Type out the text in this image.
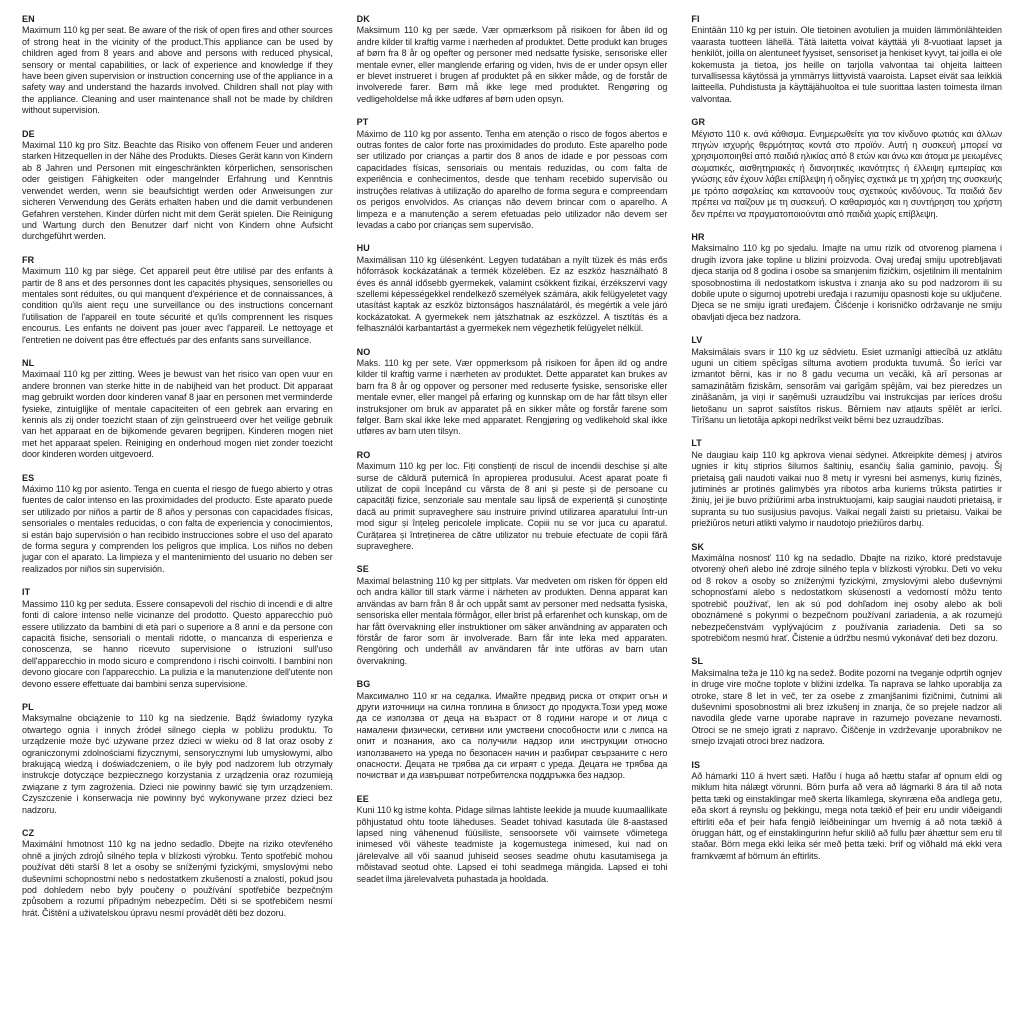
EN

Maximum 110 kg per seat. Be aware of the risk of open fires and other sources of strong heat in the vicinity of the product.This appliance can be used by children aged from 8 years and above and persons with reduced physical, sensory or mental capabilities, or lack of experience and knowledge if they have been given supervision or instruction concerning use of the appliance in a safety way and understand the hazards involved. Children shall not play with the appliance. Cleaning and user maintenance shall not be made by children without supervision.

DE

Maximal 110 kg pro Sitz. Beachte das Risiko von offenem Feuer und anderen starken Hitzequellen in der Nähe des Produkts. Dieses Gerät kann von Kindern ab 8 Jahren und Personen mit eingeschränkten körperlichen, sensorischen oder geistigen Fähigkeiten oder mangelnder Erfahrung und Kenntnis verwendet werden, wenn sie beaufsichtigt werden oder Anweisungen zur sicheren Verwendung des Geräts erhalten haben und die damit verbundenen Gefahren verstehen. Kinder dürfen nicht mit dem Gerät spielen. Die Reinigung und Wartung durch den Benutzer darf nicht von Kindern ohne Aufsicht durchgeführt werden.

FR

Maximum 110 kg par siège. Cet appareil peut être utilisé par des enfants à partir de 8 ans et des personnes dont les capacités physiques, sensorielles ou mentales sont réduites, ou qui manquent d'expérience et de connaissances, à condition qu'ils aient reçu une surveillance ou des instructions concernant l'utilisation de l'appareil en toute sécurité et qu'ils comprennent les risques encourus. Les enfants ne doivent pas jouer avec l'appareil. Le nettoyage et l'entretien ne doivent pas être effectués par des enfants sans surveillance.

NL

Maximaal 110 kg per zitting. Wees je bewust van het risico van open vuur en andere bronnen van sterke hitte in de nabijheid van het product. Dit apparaat mag gebruikt worden door kinderen vanaf 8 jaar en personen met verminderde fysieke, zintuiglijke of mentale capaciteiten of een gebrek aan ervaring en kennis als zij onder toezicht staan of zijn geïnstrueerd over het veilige gebruik van het apparaat en de bijkomende gevaren begrijpen. Kinderen mogen niet met het apparaat spelen. Reiniging en onderhoud mogen niet zonder toezicht door kinderen worden uitgevoerd.

ES

Máximo 110 kg por asiento. Tenga en cuenta el riesgo de fuego abierto y otras fuentes de calor intenso en las proximidades del producto. Este aparato puede ser utilizado por niños a partir de 8 años y personas con capacidades físicas, sensoriales o mentales reducidas, o con falta de experiencia y conocimientos, si están bajo supervisión o han recibido instrucciones sobre el uso del aparato de forma segura y comprenden los peligros que implica. Los niños no deben jugar con el aparato. La limpieza y el mantenimiento del usuario no deben ser realizados por niños sin supervisión.

IT

Massimo 110 kg per seduta. Essere consapevoli del rischio di incendi e di altre fonti di calore intenso nelle vicinanze del prodotto. Questo apparecchio può essere utilizzato da bambini di età pari o superiore a 8 anni e da persone con capacità fisiche, sensoriali o mentali ridotte, o mancanza di esperienza e conoscenza, se hanno ricevuto supervisione o istruzioni sull'uso dell'apparecchio in modo sicuro e comprendono i rischi coinvolti. I bambini non devono giocare con l'apparecchio. La pulizia e la manutenzione dell'utente non devono essere effettuate dai bambini senza supervisione.

PL

Maksymalne obciążenie to 110 kg na siedzenie. Bądź świadomy ryzyka otwartego ognia i innych źródeł silnego ciepła w pobliżu produktu. To urządzenie może być używane przez dzieci w wieku od 8 lat oraz osoby z ograniczonymi zdolnościami fizycznymi, sensorycznymi lub umysłowymi, albo brakującą wiedzą i doświadczeniem, o ile były pod nadzorem lub otrzymały instrukcje dotyczące bezpiecznego korzystania z urządzenia oraz rozumieją związane z tym zagrożenia. Dzieci nie powinny bawić się tym urządzeniem. Czyszczenie i konserwacja nie powinny być wykonywane przez dzieci bez nadzoru.

CZ

Maximální hmotnost 110 kg na jedno sedadlo. Dbejte na riziko otevřeného ohně a jiných zdrojů silného tepla v blízkosti výrobku. Tento spotřebič mohou používat děti starší 8 let a osoby se sníženými fyzickými, smyslovými nebo duševními schopnostmi nebo s nedostatkem zkušeností a znalostí, pokud jsou pod dohledem nebo byly poučeny o používání spotřebiče bezpečným způsobem a rozumí případným nebezpečím. Děti si se spotřebičem nesmí hrát. Čištění a uživatelskou úpravu nesmí provádět děti bez dozoru.

DK

Maksimum 110 kg per sæde. Vær opmærksom på risikoen for åben ild og andre kilder til kraftig varme i nærheden af produktet. Dette produkt kan bruges af børn fra 8 år og opefter og personer med nedsatte fysiske, sensoriske eller mentale evner, eller manglende erfaring og viden, hvis de er under opsyn eller er blevet instrueret i brugen af produktet på en sikker måde, og de forstår de involverede farer. Børn må ikke lege med produktet. Rengøring og vedligeholdelse må ikke udføres af børn uden opsyn.

PT

Máximo de 110 kg por assento. Tenha em atenção o risco de fogos abertos e outras fontes de calor forte nas proximidades do produto. Este aparelho pode ser utilizado por crianças a partir dos 8 anos de idade e por pessoas com capacidades físicas, sensoriais ou mentais reduzidas, ou com falta de experiência e conhecimentos, desde que tenham recebido supervisão ou instruções relativas à utilização do aparelho de forma segura e compreendam os perigos envolvidos. As crianças não devem brincar com o aparelho. A limpeza e a manutenção a serem efetuadas pelo utilizador não devem ser levadas a cabo por crianças sem supervisão.

HU

Maximálisan 110 kg ülésenként. Legyen tudatában a nyílt tüzek és más erős hőforrások kockázatának a termék közelében. Ez az eszköz használható 8 éves és annál idősebb gyermekek, valamint csökkent fizikai, érzékszervi vagy szellemi képességekkel rendelkező személyek számára, akik felügyeletet vagy utasítást kaptak az eszköz biztonságos használatáról, és megértik a vele járó kockázatokat. A gyermekek nem játszhatnak az eszközzel. A tisztítás és a felhasználói karbantartást a gyermekek nem végezhetik felügyelet nélkül.

NO

Maks. 110 kg per sete. Vær oppmerksom på risikoen for åpen ild og andre kilder til kraftig varme i nærheten av produktet. Dette apparatet kan brukes av barn fra 8 år og oppover og personer med reduserte fysiske, sensoriske eller mentale evner, eller mangel på erfaring og kunnskap om de har fått tilsyn eller instruksjoner om bruk av apparatet på en sikker måte og forstår farene som følger. Barn skal ikke leke med apparatet. Rengjøring og vedlikehold skal ikke utføres av barn uten tilsyn.

RO

Maximum 110 kg per loc. Fiți conștienți de riscul de incendii deschise și alte surse de căldură puternică în apropierea produsului. Acest aparat poate fi utilizat de copii începând cu vârsta de 8 ani și peste și de persoane cu capacități fizice, senzoriale sau mentale sau lipsă de experiență și cunoștințe dacă au primit supraveghere sau instruire privind utilizarea aparatului într-un mod sigur și înțeleg pericolele implicate. Copiii nu se vor juca cu aparatul. Curățarea și întreținerea de către utilizator nu trebuie efectuate de copii fără supraveghere.

SE

Maximal belastning 110 kg per sittplats. Var medveten om risken för öppen eld och andra källor till stark värme i närheten av produkten. Denna apparat kan användas av barn från 8 år och uppåt samt av personer med nedsatta fysiska, sensoriska eller mentala förmågor, eller brist på erfarenhet och kunskap, om de har fått övervakning eller instruktioner om säker användning av apparaten och förstår de faror som är involverade. Barn får inte leka med apparaten. Rengöring och underhåll av användaren får inte utföras av barn utan övervakning.

BG

Максимално 110 кг на седалка. Имайте предвид риска от открит огън и други източници на силна топлина в близост до продукта.Този уред може да се използва от деца на възраст от 8 години нагоре и от лица с намалени физически, сетивни или умствени способности или с липса на опит и познания, ако са получили надзор или инструкции относно използването на уреда по безопасен начин и разбират свързаните с него опасности. Децата не трябва да си играят с уреда. Децата не трябва да почистват и да извършват потребителска поддръжка без надзор.

EE

Kuni 110 kg istme kohta. Pidage silmas lahtiste leekide ja muude kuumaallikate põhjustatud ohtu toote läheduses. Seadet tohivad kasutada üle 8-aastased lapsed ning vähenenud füüsiliste, sensoorsete või vaimsete võimetega inimesed või väheste teadmiste ja kogemustega inimesed, kui nad on järelevalve all või saanud juhiseid seoses seadme ohutu kasutamisega ja mõistavad seotud ohte. Lapsed ei tohi seadmega mängida. Lapsed ei tohi seadet ilma järelevalveta puhastada ja hooldada.

FI

Enintään 110 kg per istuin. Ole tietoinen avotulien ja muiden lämmönlähteiden vaarasta tuotteen lähellä. Tätä laitetta voivat käyttää yli 8-vuotiaat lapset ja henkilöt, joilla on alentuneet fyysiset, sensoriset ja henkiset kyvyt, tai joilla ei ole kokemusta ja tietoa, jos heille on tarjolla valvontaa tai ohjeita laitteen turvallisessa käytössä ja ymmärrys liittyvistä vaaroista. Lapset eivät saa leikkiä laitteella. Puhdistusta ja käyttäjähuoltoa ei tule suorittaa lasten toimesta ilman valvontaa.

GR

Μέγιστο 110 κ. ανά κάθισμα. Ενημερωθείτε για τον κίνδυνο φωτιάς και άλλων πηγών ισχυρής θερμότητας κοντά στο προϊόν. Αυτή η συσκευή μπορεί να χρησιμοποιηθεί από παιδιά ηλικίας από 8 ετών και άνω και άτομα με μειωμένες σωματικές, αισθητηριακές ή διανοητικές ικανότητες ή έλλειψη εμπειρίας και γνώσης εάν έχουν λάβει επίβλεψη ή οδηγίες σχετικά με τη χρήση της συσκευής με τρόπο ασφαλείας και κατανοούν τους σχετικούς κινδύνους. Τα παιδιά δεν πρέπει να παίζουν με τη συσκευή. Ο καθαρισμός και η συντήρηση του χρήστη δεν πρέπει να πραγματοποιούνται από παιδιά χωρίς επίβλεψη.

HR

Maksimalno 110 kg po sjedalu. Imajte na umu rizik od otvorenog plamena i drugih izvora jake topline u blizini proizvoda. Ovaj uređaj smiju upotrebljavati djeca starija od 8 godina i osobe sa smanjenim fizičkim, osjetilnim ili mentalnim sposobnostima ili nedostatkom iskustva i znanja ako su pod nadzorom ili su dobile upute o sigurnoj upotrebi uređaja i razumiju opasnosti koje su uključene. Djeca se ne smiju igrati uređajem. Čišćenje i korisničko održavanje ne smiju obavljati djeca bez nadzora.

LV

Maksimālais svars ir 110 kg uz sēdvietu. Esiet uzmanīgi attiecībā uz atklātu uguni un citiem spēcīgas siltuma avotiem produkta tuvumā. Šo ierīci var izmantot bērni, kas ir no 8 gadu vecuma un vecāki, kā arī personas ar samazinātām fiziskām, sensorām vai garīgām spējām, vai bez pieredzes un zināšanām, ja viņi ir saņēmuši uzraudzību vai instrukcijas par ierīces drošu lietošanu un saprot saistītos riskus. Bērniem nav atļauts spēlēt ar ierīci. Tīrīšanu un lietotāja apkopi nedrīkst veikt bērni bez uzraudzības.

LT

Ne daugiau kaip 110 kg apkrova vienai sėdynei. Atkreipkite dėmesį į atviros ugnies ir kitų stiprios šilumos šaltinių, esančių šalia gaminio, pavojų. Šį prietaisą gali naudoti vaikai nuo 8 metų ir vyresni bei asmenys, kurių fizinės, jutiminės ar protinės galimybės yra ribotos arba kuriems trūksta patirties ir žinių, jei jie buvo prižiūrimi arba instruktuojami, kaip saugiai naudoti prietaisą, ir supranta su tuo susijusius pavojus. Vaikai negali žaisti su prietaisu. Vaikai be priežiūros neturi atlikti valymo ir naudotojo priežiūros darbų.

SK

Maximálna nosnosť 110 kg na sedadlo. Dbajte na riziko, ktoré predstavuje otvorený oheň alebo iné zdroje silného tepla v blízkosti výrobku. Deti vo veku od 8 rokov a osoby so zníženými fyzickými, zmyslovými alebo duševnými schopnosťami alebo s nedostatkom skúseností a vedomostí môžu tento spotrebič používať, len ak sú pod dohľadom inej osoby alebo ak boli oboznámené s pokynmi o bezpečnom používaní zariadenia, a ak rozumejú nebezpečenstvám vyplývajúcim z používania zariadenia. Deti sa so spotrebičom nesmú hrať. Čistenie a údržbu nesmú vykonávať deti bez dozoru.

SL

Maksimalna teža je 110 kg na sedež. Bodite pozorni na tveganje odprtih ognjev in druge vire močne toplote v bližini izdelka. Ta naprava se lahko uporablja za otroke, stare 8 let in več, ter za osebe z zmanjšanimi fizičnimi, čutnimi ali duševnimi sposobnostmi ali brez izkušenj in znanja, če so prejele nadzor ali navodila glede varne uporabe naprave in razumejo povezane nevarnosti. Otroci se ne smejo igrati z napravo. Čiščenje in vzdrževanje uporabnikov ne smejo izvajati otroci brez nadzora.

IS

Að hámarki 110 á hvert sæti. Hafðu í huga að hættu stafar af opnum eldi og miklum hita nálægt vörunni. Börn þurfa að vera að lágmarki 8 ára til að nota þetta tæki og einstaklingar með skerta líkamlega, skynræna eða andlega getu, eða skort á reynslu og þekkingu, mega nota tækið ef þeir eru undir viðeigandi eftirliti eða ef þeir hafa fengið leiðbeiningar um hvernig á að nota tækið á öruggan hátt, og ef einstaklingurinn hefur skilið að fullu þær áhættur sem eru til staðar. Börn mega ekki leika sér með þetta tæki. Þrif og viðhald má ekki vera framkvæmt af börnum án eftirlits.
